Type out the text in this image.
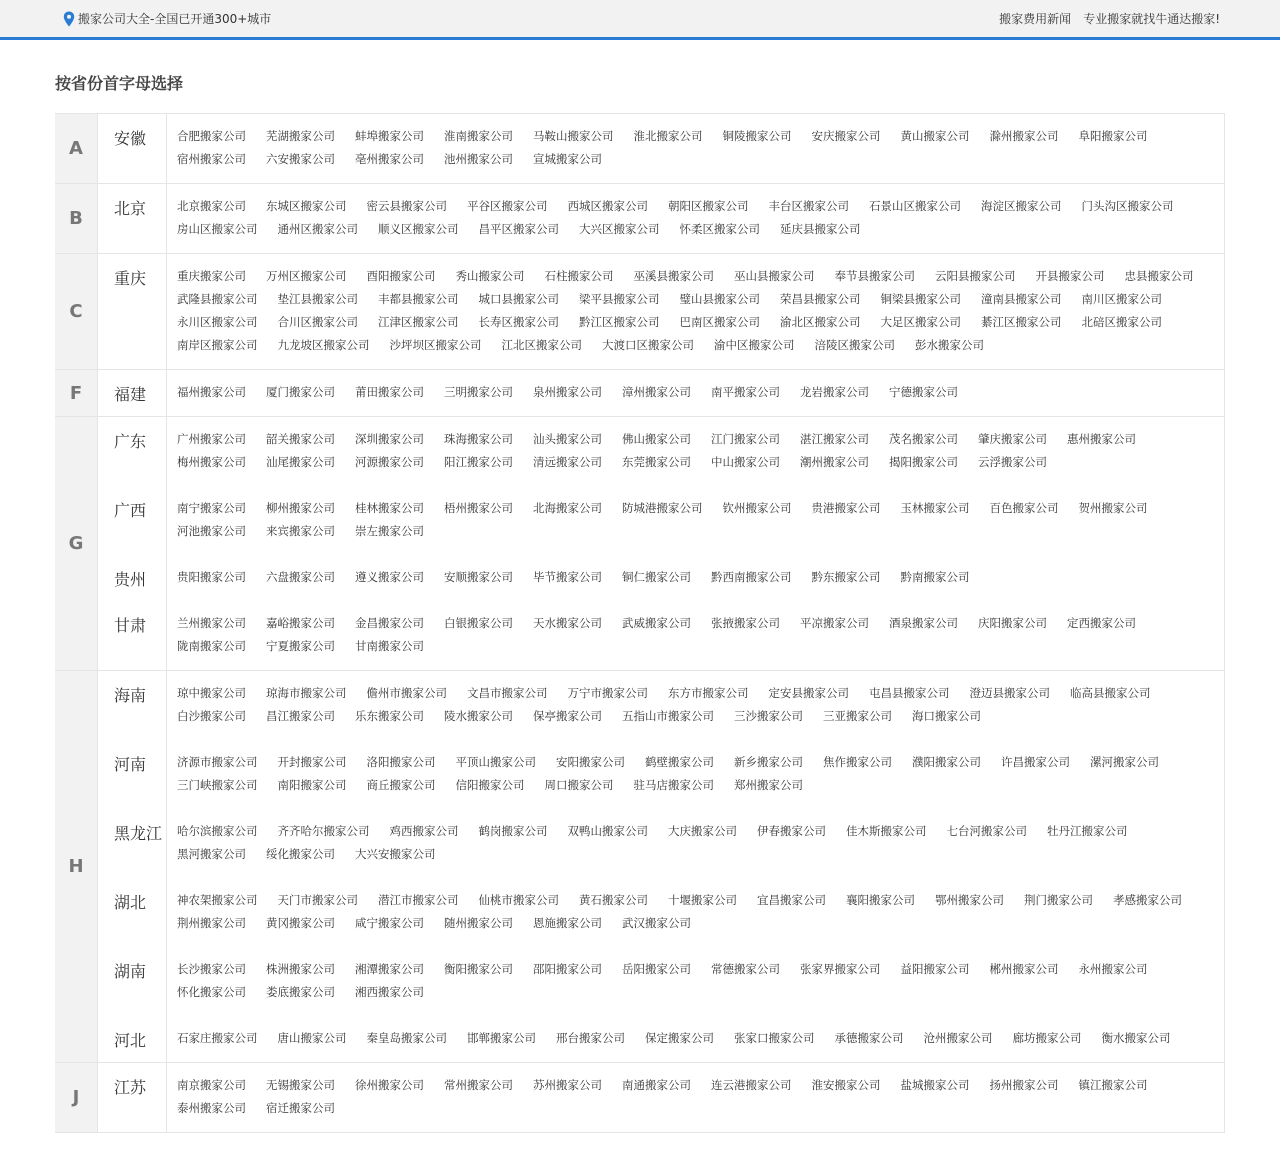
搬家公司大全-全国已开通300+城市	搬家费用新闻 专业搬家就找牛通达搬家!
按省份首字母选择
A	安徽	合肥搬家公司 芜湖搬家公司 蚌埠搬家公司 淮南搬家公司 马鞍山搬家公司 淮北搬家公司 铜陵搬家公司 安庆搬家公司 黄山搬家公司 滁州搬家公司 阜阳搬家公司
宿州搬家公司 六安搬家公司 亳州搬家公司 池州搬家公司 宣城搬家公司
B	北京	北京搬家公司 东城区搬家公司 密云县搬家公司 平谷区搬家公司 西城区搬家公司 朝阳区搬家公司 丰台区搬家公司 石景山区搬家公司 海淀区搬家公司 门头沟区搬家公司
房山区搬家公司 通州区搬家公司 顺义区搬家公司 昌平区搬家公司 大兴区搬家公司 怀柔区搬家公司 延庆县搬家公司
C
重庆	重庆搬家公司 万州区搬家公司 酉阳搬家公司 秀山搬家公司 石柱搬家公司 巫溪县搬家公司 巫山县搬家公司 奉节县搬家公司 云阳县搬家公司 开县搬家公司 忠县搬家公司
武隆县搬家公司 垫江县搬家公司 丰都县搬家公司 城口县搬家公司 梁平县搬家公司 璧山县搬家公司 荣昌县搬家公司 铜梁县搬家公司 潼南县搬家公司 南川区搬家公司
永川区搬家公司 合川区搬家公司 江津区搬家公司 长寿区搬家公司 黔江区搬家公司 巴南区搬家公司 渝北区搬家公司 大足区搬家公司 綦江区搬家公司 北碚区搬家公司
南岸区搬家公司 九龙坡区搬家公司 沙坪坝区搬家公司 江北区搬家公司 大渡口区搬家公司 渝中区搬家公司 涪陵区搬家公司 彭水搬家公司
F	福建	福州搬家公司 厦门搬家公司 莆田搬家公司 三明搬家公司 泉州搬家公司 漳州搬家公司 南平搬家公司 龙岩搬家公司 宁德搬家公司
G
广东	广州搬家公司 韶关搬家公司 深圳搬家公司 珠海搬家公司 汕头搬家公司 佛山搬家公司 江门搬家公司 湛江搬家公司 茂名搬家公司 肇庆搬家公司 惠州搬家公司
梅州搬家公司 汕尾搬家公司 河源搬家公司 阳江搬家公司 清远搬家公司 东莞搬家公司 中山搬家公司 潮州搬家公司 揭阳搬家公司 云浮搬家公司
广西	南宁搬家公司 柳州搬家公司 桂林搬家公司 梧州搬家公司 北海搬家公司 防城港搬家公司 钦州搬家公司 贵港搬家公司 玉林搬家公司 百色搬家公司 贺州搬家公司
河池搬家公司 来宾搬家公司 崇左搬家公司
贵州	贵阳搬家公司 六盘搬家公司 遵义搬家公司 安顺搬家公司 毕节搬家公司 铜仁搬家公司 黔西南搬家公司 黔东搬家公司 黔南搬家公司
甘肃	兰州搬家公司 嘉峪搬家公司 金昌搬家公司 白银搬家公司 天水搬家公司 武威搬家公司 张掖搬家公司 平凉搬家公司 酒泉搬家公司 庆阳搬家公司 定西搬家公司
陇南搬家公司 宁夏搬家公司 甘南搬家公司
H
海南	琼中搬家公司 琼海市搬家公司 儋州市搬家公司 文昌市搬家公司 万宁市搬家公司 东方市搬家公司 定安县搬家公司 屯昌县搬家公司 澄迈县搬家公司 临高县搬家公司
白沙搬家公司 昌江搬家公司 乐东搬家公司 陵水搬家公司 保亭搬家公司 五指山市搬家公司 三沙搬家公司 三亚搬家公司 海口搬家公司
河南	济源市搬家公司 开封搬家公司 洛阳搬家公司 平顶山搬家公司 安阳搬家公司 鹤壁搬家公司 新乡搬家公司 焦作搬家公司 濮阳搬家公司 许昌搬家公司 漯河搬家公司
三门峡搬家公司 南阳搬家公司 商丘搬家公司 信阳搬家公司 周口搬家公司 驻马店搬家公司 郑州搬家公司
黑龙江	哈尔滨搬家公司 齐齐哈尔搬家公司 鸡西搬家公司 鹤岗搬家公司 双鸭山搬家公司 大庆搬家公司 伊春搬家公司 佳木斯搬家公司 七台河搬家公司 牡丹江搬家公司
黑河搬家公司 绥化搬家公司 大兴安搬家公司
湖北	神农架搬家公司 天门市搬家公司 潜江市搬家公司 仙桃市搬家公司 黄石搬家公司 十堰搬家公司 宜昌搬家公司 襄阳搬家公司 鄂州搬家公司 荆门搬家公司 孝感搬家公司
荆州搬家公司 黄冈搬家公司 咸宁搬家公司 随州搬家公司 恩施搬家公司 武汉搬家公司
湖南	长沙搬家公司 株洲搬家公司 湘潭搬家公司 衡阳搬家公司 邵阳搬家公司 岳阳搬家公司 常德搬家公司 张家界搬家公司 益阳搬家公司 郴州搬家公司 永州搬家公司
怀化搬家公司 娄底搬家公司 湘西搬家公司
河北	石家庄搬家公司 唐山搬家公司 秦皇岛搬家公司 邯郸搬家公司 邢台搬家公司 保定搬家公司 张家口搬家公司 承德搬家公司 沧州搬家公司 廊坊搬家公司 衡水搬家公司
J	江苏	南京搬家公司 无锡搬家公司 徐州搬家公司 常州搬家公司 苏州搬家公司 南通搬家公司 连云港搬家公司 淮安搬家公司 盐城搬家公司 扬州搬家公司 镇江搬家公司
泰州搬家公司 宿迁搬家公司
